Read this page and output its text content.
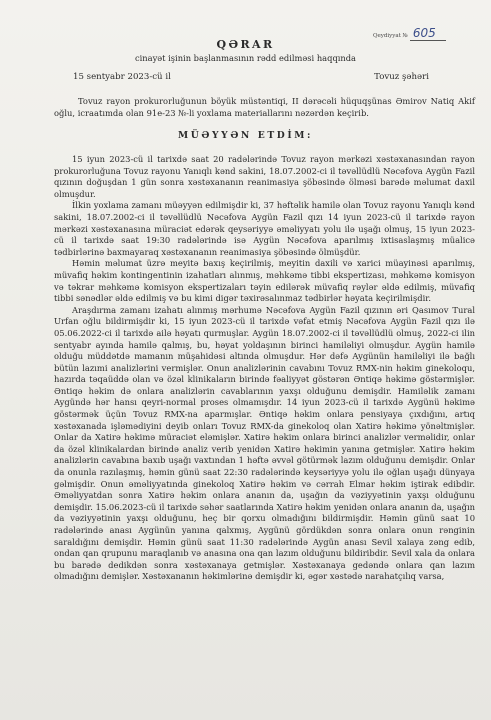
Qeydiyyat № 605
QƏRAR
cinayət işinin başlanmasının rədd edilməsi haqqında
15 sentyabr 2023-cü il	Tovuz şəhəri

Tovuz rayon prokurorluğunun böyük müstəntiqi, II dərəcəli hüquqşünas Əmirov Natiq Akif oğlu, icraatımda olan 91e-23 №-li yoxlama materiallarını nəzərdən keçirib.

MÜƏYYƏN ETDİM:

15 iyun 2023-cü il tarixdə saat 20 radələrində Tovuz rayon mərkəzi xəstəxanasından rayon prokurorluğuna Tovuz rayonu Yanıqlı kənd sakini, 18.07.2002-ci il təvəllüdlü Nəcəfova Aygün Fazil qızının doğuşdan 1 gün sonra xəstəxananın reanimasiya şöbəsində ölməsi barədə məlumat daxil olmuşdur.

İlkin yoxlama zamanı müəyyən edilmişdir ki, 37 həftəlik hamilə olan Tovuz rayonu Yanıqlı kənd sakini, 18.07.2002-ci il təvəllüdlü Nəcəfova Aygün Fazil qızı 14 iyun 2023-cü il tarixdə rayon mərkəzi xəstəxanasına müraciət edərək qeysəriyyə əməliyyatı yolu ilə uşağı olmuş, 15 iyun 2023-cü il tarixdə saat 19:30 radələrində isə Aygün Nəcəfova aparılmış ixtisaslaşmış müalicə tədbirlərinə baxmayaraq xəstəxananın reanimasiya şöbəsində ölmüşdür.

Həmin məlumat üzrə meyitə baxış keçirilmiş, meyitin daxili və xarici müayinəsi aparılmış, müvafiq həkim kontingentinin izahatları alınmış, məhkəmə tibbi ekspertizası, məhkəmə komisyon və təkrar məhkəmə komisyon ekspertizaları təyin edilərək müvafiq rəylər əldə edilmiş, müvafiq tibbi sənədlər əldə edilmiş və bu kimi digər təxirəsalınmaz tədbirlər həyata keçirilmişdir.

Araşdırma zamanı izahatı alınmış mərhumə Nəcəfova Aygün Fazil qızının əri Qasımov Tural Urfan oğlu bildirmişdir ki, 15 iyun 2023-cü il tarixdə vəfat etmiş Nəcəfova Aygün Fazil qızı ilə 05.06.2022-ci il tarixdə ailə həyatı qurmuşlar. Aygün 18.07.2002-ci il təvəllüdlü olmuş, 2022-ci ilin sentyabr ayında hamilə qalmış, bu, həyat yoldaşının birinci hamiləliyi olmuşdur. Aygün hamilə olduğu müddətdə mamanın müşahidəsi altında olmuşdur. Hər dəfə Aygünün hamiləliyi ilə bağlı bütün lazımi analizlərini vermişlər. Onun analizlərinin cavabını Tovuz RMX-nin həkim ginekoloqu, hazırda təqaüddə olan və özəl klinikaların birində fəaliyyət göstərən Əntiqə həkimə göstərmişlər. Əntiqə həkim də onlara analizlərin cavablarının yaxşı olduğunu demişdir. Hamiləlik zamanı Aygündə hər hansı qeyri-normal proses olmamışdır. 14 iyun 2023-cü il tarixdə Aygünü həkimə göstərmək üçün Tovuz RMX-na aparmışlar. Əntiqə həkim onlara pensiyaya çıxdığını, artıq xəstəxanada işləmədiyini deyib onları Tovuz RMX-da ginekoloq olan Xatirə həkimə yönəltmişlər. Onlar da Xatirə həkimə müraciət eləmişlər. Xatirə həkim onlara birinci analizlər verməlidir, onlar da özəl klinikalardan birində analiz verib yenidən Xatirə həkimin yanına getmişlər. Xatirə həkim analizlərin cavabına baxıb uşağı vaxtından 1 həftə əvvəl götürmək lazım olduğunu demişdir. Onlar da onunla razılaşmış, həmin günü saat 22:30 radələrində keysəriyyə yolu ilə oğlan uşağı dünyaya gəlmişdir. Onun əməliyyatında ginekoloq Xatirə həkim və cərrah Elmar həkim iştirak edibdir. Əməliyyatdan sonra Xatirə həkim onlara ananın da, uşağın da vəziyyətinin yaxşı olduğunu demişdir. 15.06.2023-cü il tarixdə səhər saatlarında Xatirə həkim yenidən onlara ananın da, uşağın da vəziyyətinin yaxşı olduğunu, heç bir qorxu olmadığını bildirmişdir. Həmin günü saat 10 radələrində anası Aygünün yanına qalxmış, Aygünü gördükdən sonra onlara onun rənginin saraldığını demişdir. Həmin günü saat 11:30 radələrində Aygün anası Sevil xalaya zəng edib, ondan qan qrupunu maraqlanıb və anasına ona qan lazım olduğunu bildiribdir. Sevil xala da onlara bu barədə dedikdən sonra xəstəxanaya getmişlər. Xəstəxanaya gedəndə onlara qan lazım olmadığını demişlər. Xəstəxananın həkimlərinə demişdir ki, əgər xəstədə narahatçılıq varsa,
